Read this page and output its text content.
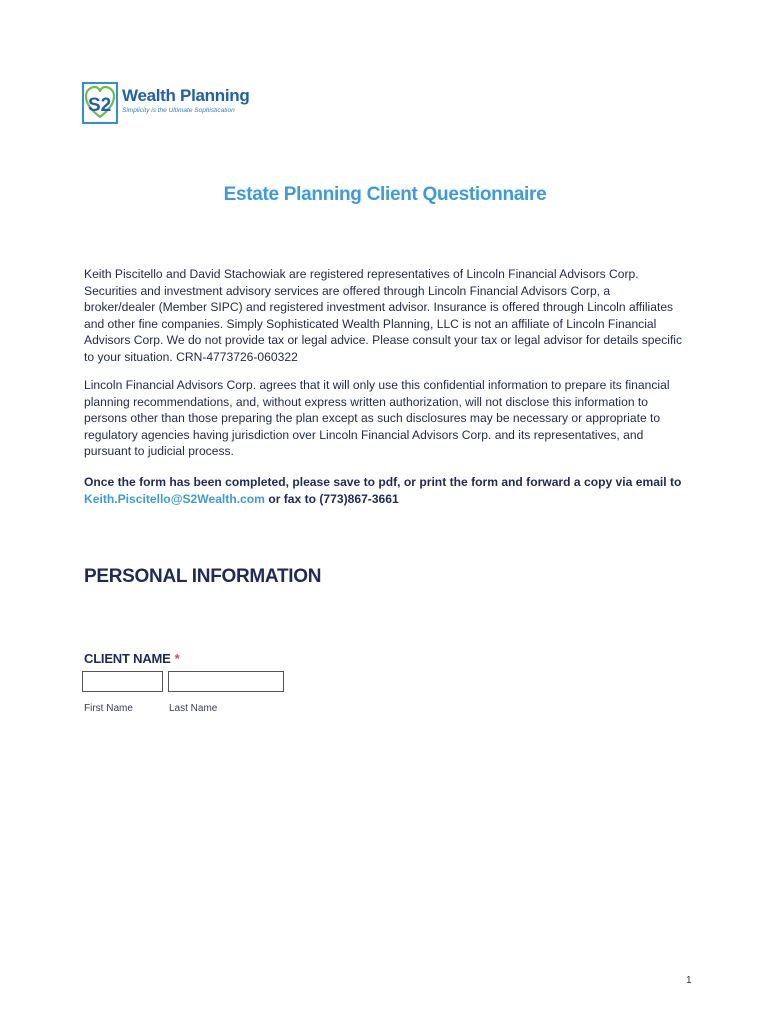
S2 Wealth Planning
Simplicity is the Ultimate Sophistication
Estate Planning Client Questionnaire

Keith Piscitello and David Stachowiak are registered representatives of Lincoln Financial Advisors Corp. Securities and investment advisory services are offered through Lincoln Financial Advisors Corp, a broker/dealer (Member SIPC) and registered investment advisor. Insurance is offered through Lincoln affiliates and other fine companies. Simply Sophisticated Wealth Planning, LLC is not an affiliate of Lincoln Financial Advisors Corp. We do not provide tax or legal advice. Please consult your tax or legal advisor for details specific to your situation. CRN-4773726-060322

Lincoln Financial Advisors Corp. agrees that it will only use this confidential information to prepare its financial planning recommendations, and, without express written authorization, will not disclose this information to persons other than those preparing the plan except as such disclosures may be necessary or appropriate to regulatory agencies having jurisdiction over Lincoln Financial Advisors Corp. and its representatives, and pursuant to judicial process.

Once the form has been completed, please save to pdf, or print the form and forward a copy via email to Keith.Piscitello@S2Wealth.com or fax to (773)867-3661

PERSONAL INFORMATION
CLIENT NAME *
First Name	Last Name
1
